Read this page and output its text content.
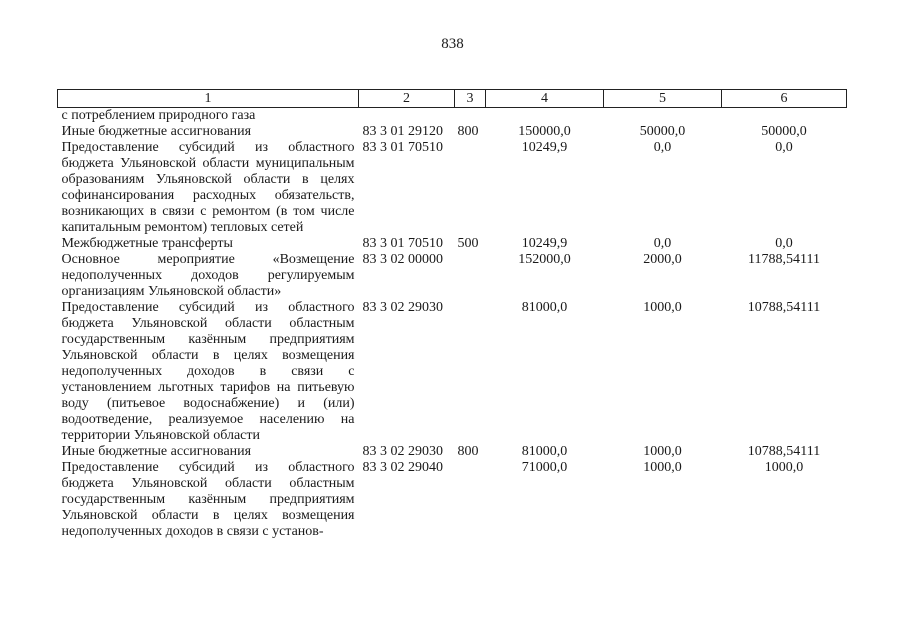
838
1	2	3	4	5	6
с потреблением природного газа					
Иные бюджетные ассигнования	83 3 01 29120	800	150000,0	50000,0	50000,0
Предоставление субсидий из областного бюджета Ульяновской области муниципальным образованиям Ульяновской области в целях софинансирования расходных обязательств, возникающих в связи с ремонтом (в том числе капитальным ремонтом) тепловых сетей	83 3 01 70510		10249,9	0,0	0,0
Межбюджетные трансферты	83 3 01 70510	500	10249,9	0,0	0,0
Основное мероприятие «Возмещение недополученных доходов регулируемым организациям Ульяновской области»	83 3 02 00000		152000,0	2000,0	11788,54111
Предоставление субсидий из областного бюджета Ульяновской области областным государственным казённым предприятиям Ульяновской области в целях возмещения недополученных доходов в связи с установлением льготных тарифов на питьевую воду (питьевое водоснабжение) и (или) водоотведение, реализуемое населению на территории Ульяновской области	83 3 02 29030		81000,0	1000,0	10788,54111
Иные бюджетные ассигнования	83 3 02 29030	800	81000,0	1000,0	10788,54111
Предоставление субсидий из областного бюджета Ульяновской области областным государственным казённым предприятиям Ульяновской области в целях возмещения недополученных доходов в связи с установ-	83 3 02 29040		71000,0	1000,0	1000,0
